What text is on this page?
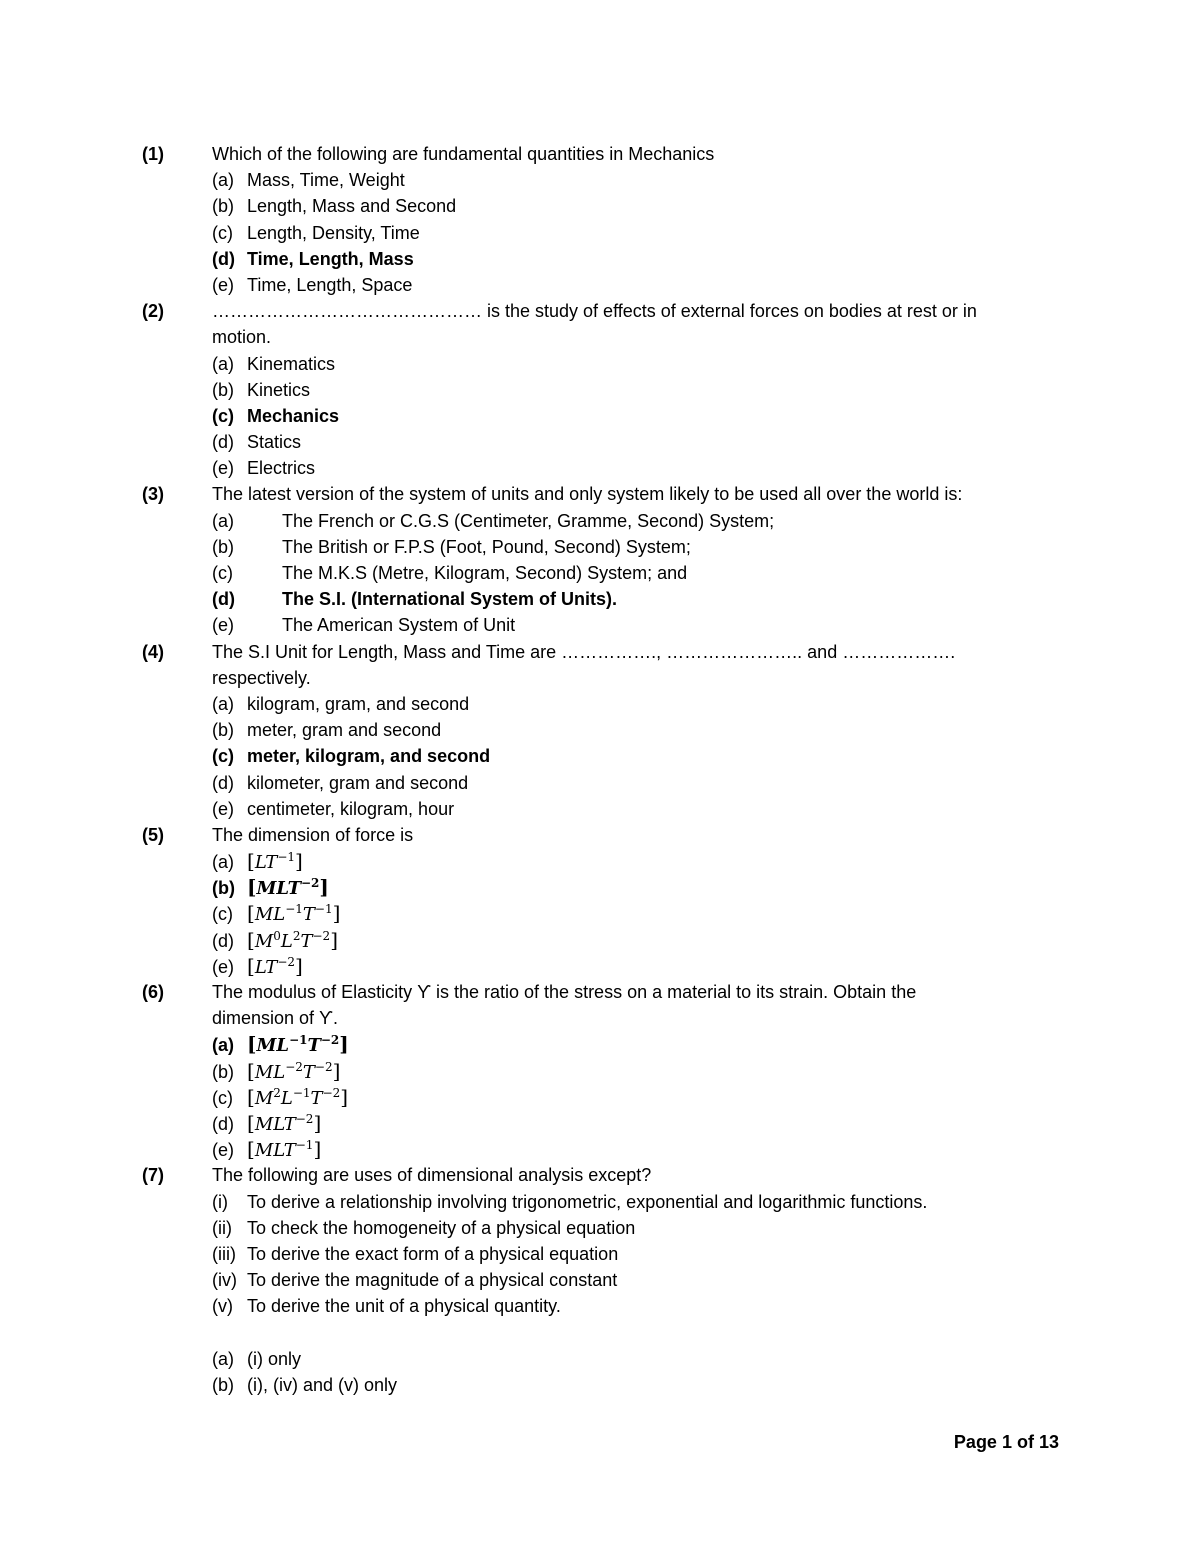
(1)	Which of the following are fundamental quantities in Mechanics
(a) Mass, Time, Weight
(b) Length, Mass and Second
(c) Length, Density, Time
(d) Time, Length, Mass
(e) Time, Length, Space
(2)	……………………………………… is the study of effects of external forces on bodies at rest or in
motion.
(a) Kinematics
(b) Kinetics
(c) Mechanics
(d) Statics
(e) Electrics
(3)	The latest version of the system of units and only system likely to be used all over the world is:
(a)	The French or C.G.S (Centimeter, Gramme, Second) System;
(b)	The British or F.P.S (Foot, Pound, Second) System;
(c)	The M.K.S (Metre, Kilogram, Second) System; and
(d)	The S.I. (International System of Units).
(e)	The American System of Unit
(4)	The S.I Unit for Length, Mass and Time are ……………., ………………….. and ……………….
respectively.
(a) kilogram, gram, and second
(b) meter, gram and second
(c) meter, kilogram, and second
(d) kilometer, gram and second
(e) centimeter, kilogram, hour
(5)	The dimension of force is
(a) $[LT^{-1}]$
(b) $[MLT^{-2}]$
(c) $[ML^{-1}T^{-1}]$
(d) $[M^0L^2T^{-2}]$
(e) $[LT^{-2}]$
(6)	The modulus of Elasticity ϒ is the ratio of the stress on a material to its strain. Obtain the
dimension of ϒ.
(a) $[ML^{-1}T^{-2}]$
(b) $[ML^{-2}T^{-2}]$
(c) $[M^2L^{-1}T^{-2}]$
(d) $[MLT^{-2}]$
(e) $[MLT^{-1}]$
(7)	The following are uses of dimensional analysis except?
(i) To derive a relationship involving trigonometric, exponential and logarithmic functions.
(ii) To check the homogeneity of a physical equation
(iii) To derive the exact form of a physical equation
(iv) To derive the magnitude of a physical constant
(v) To derive the unit of a physical quantity.
(a) (i) only
(b) (i), (iv) and (v) only
Page 1 of 13
